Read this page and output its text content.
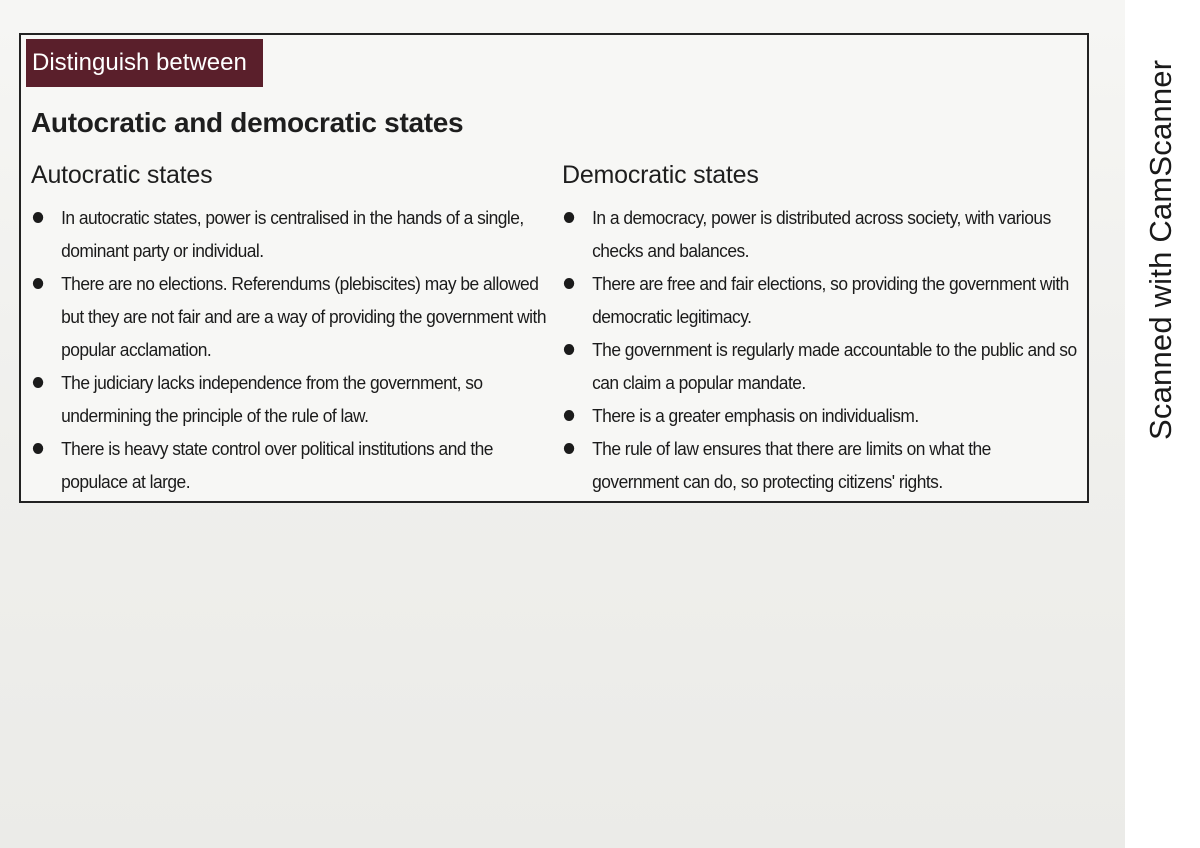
Distinguish between
Autocratic and democratic states
Autocratic states
In autocratic states, power is centralised in the hands of a single, dominant party or individual.
There are no elections. Referendums (plebiscites) may be allowed but they are not fair and are a way of providing the government with popular acclamation.
The judiciary lacks independence from the government, so undermining the principle of the rule of law.
There is heavy state control over political institutions and the populace at large.
Democratic states
In a democracy, power is distributed across society, with various checks and balances.
There are free and fair elections, so providing the government with democratic legitimacy.
The government is regularly made accountable to the public and so can claim a popular mandate.
There is a greater emphasis on individualism.
The rule of law ensures that there are limits on what the government can do, so protecting citizens' rights.
Scanned with CamScanner
